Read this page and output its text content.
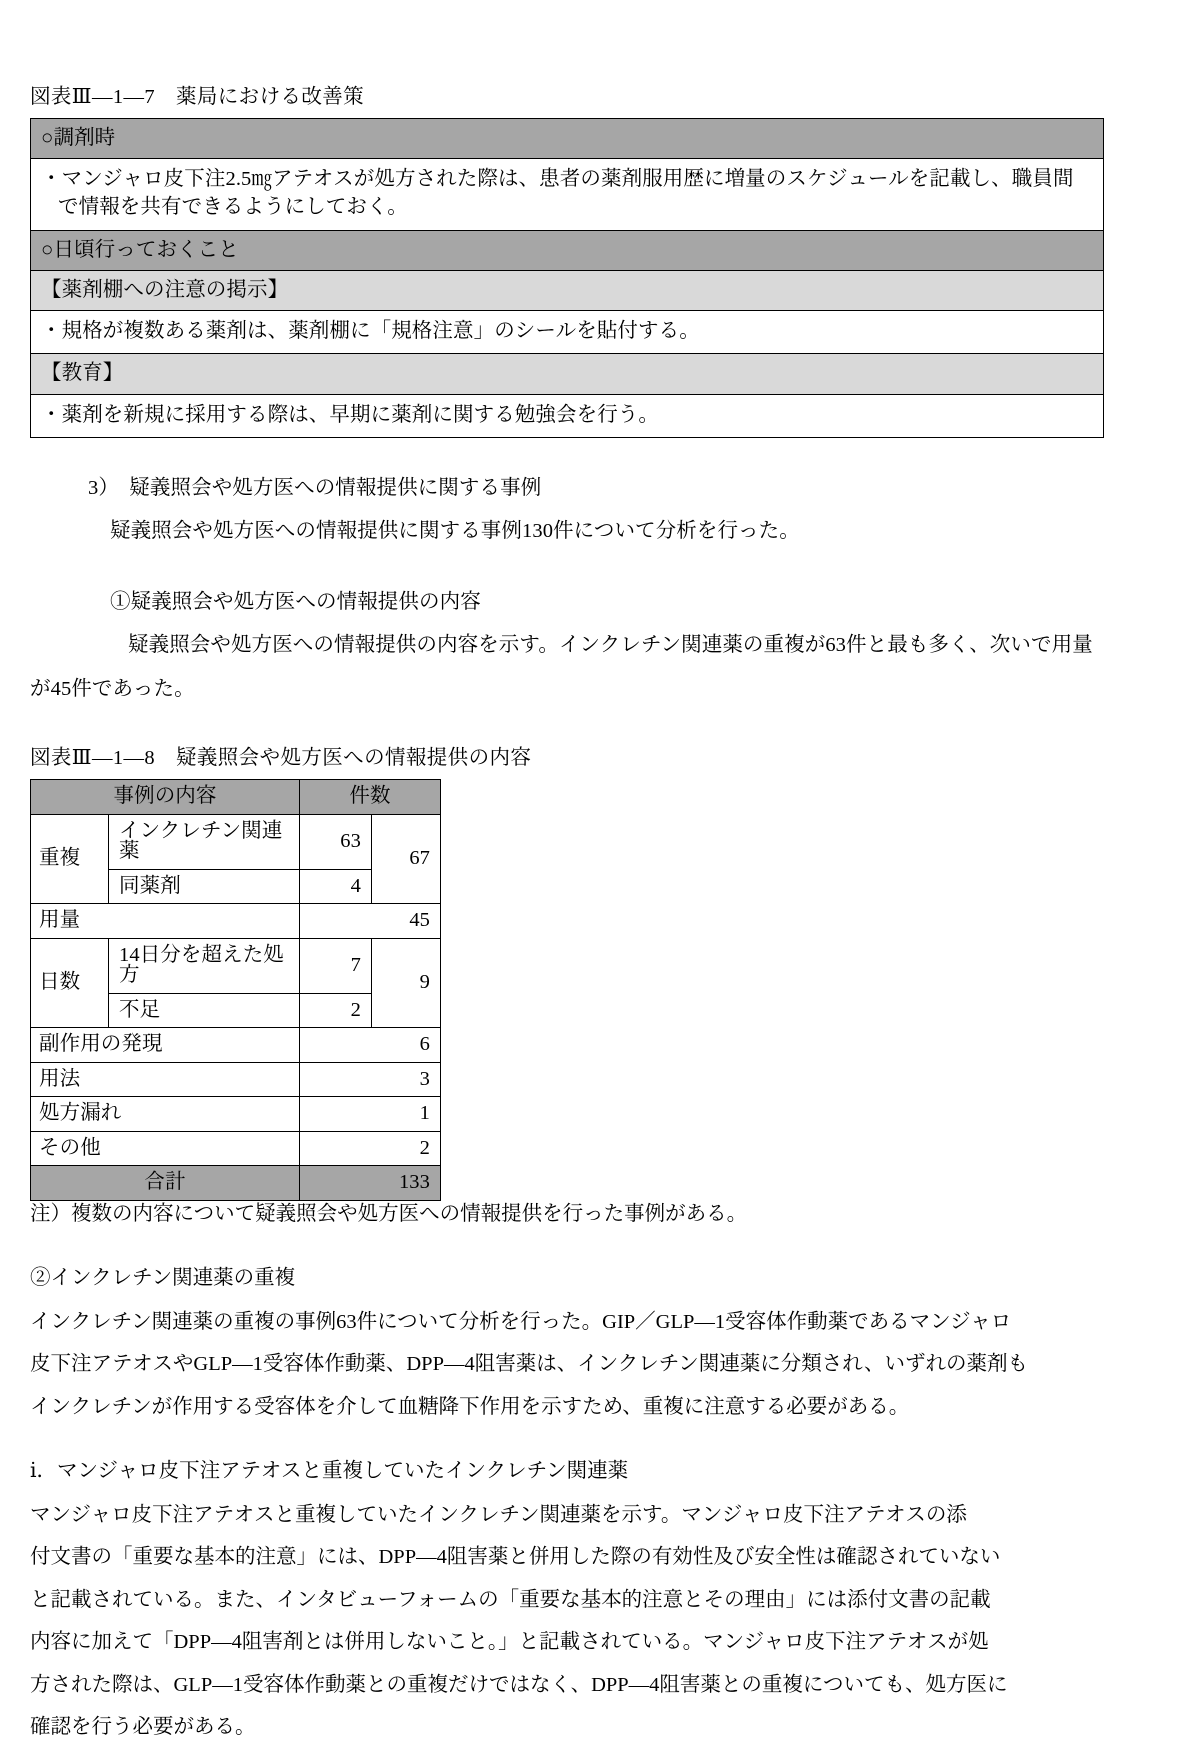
図表Ⅲ—1—7　薬局における改善策
○調剤時

・マンジャロ皮下注2.5㎎アテオスが処方された際は、患者の薬剤服用歴に増量のスケジュールを記載し、職員間で情報を共有できるようにしておく。

○日頃行っておくこと
【薬剤棚への注意の掲示】

・規格が複数ある薬剤は、薬剤棚に「規格注意」のシールを貼付する。

【教育】

・薬剤を新規に採用する際は、早期に薬剤に関する勉強会を行う。

3）　疑義照会や処方医への情報提供に関する事例

疑義照会や処方医への情報提供に関する事例130件について分析を行った。

①疑義照会や処方医への情報提供の内容

疑義照会や処方医への情報提供の内容を示す。インクレチン関連薬の重複が63件と最も多く、次いで用量

が45件であった。

図表Ⅲ—1—8　疑義照会や処方医への情報提供の内容
事例の内容		件数	
重複	インクレチン関連薬	63	67
	同薬剤	4	
用量		45	
日数	14日分を超えた処方	7	9
	不足	2	
副作用の発現		6	
用法		3	
処方漏れ		1	
その他		2	
合計		133	

注）複数の内容について疑義照会や処方医への情報提供を行った事例がある。

②インクレチン関連薬の重複

インクレチン関連薬の重複の事例63件について分析を行った。GIP／GLP—1受容体作動薬であるマンジャロ

皮下注アテオスやGLP—1受容体作動薬、DPP—4阻害薬は、インクレチン関連薬に分類され、いずれの薬剤も

インクレチンが作用する受容体を介して血糖降下作用を示すため、重複に注意する必要がある。

ⅰ．マンジャロ皮下注アテオスと重複していたインクレチン関連薬

マンジャロ皮下注アテオスと重複していたインクレチン関連薬を示す。マンジャロ皮下注アテオスの添

付文書の「重要な基本的注意」には、DPP—4阻害薬と併用した際の有効性及び安全性は確認されていない

と記載されている。また、インタビューフォームの「重要な基本的注意とその理由」には添付文書の記載

内容に加えて「DPP—4阻害剤とは併用しないこと。」と記載されている。マンジャロ皮下注アテオスが処

方された際は、GLP—1受容体作動薬との重複だけではなく、DPP—4阻害薬との重複についても、処方医に

確認を行う必要がある。
